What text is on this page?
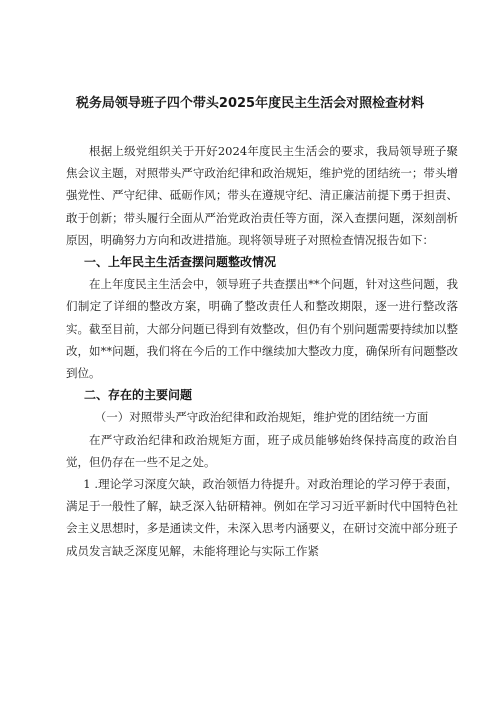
税务局领导班子四个带头2025年度民主生活会对照检查材料

根据上级党组织关于开好2024年度民主生活会的要求，我局领导班子聚焦会议主题，对照带头严守政治纪律和政治规矩，维护党的团结统一；带头增强党性、严守纪律、砥砺作风；带头在遵规守纪、清正廉洁前提下勇于担责、敢于创新；带头履行全面从严治党政治责任等方面，深入查摆问题，深刻剖析原因，明确努力方向和改进措施。现将领导班子对照检查情况报告如下：

一、上年民主生活查摆问题整改情况

在上年度民主生活会中，领导班子共查摆出**个问题，针对这些问题，我们制定了详细的整改方案，明确了整改责任人和整改期限，逐一进行整改落实。截至目前，大部分问题已得到有效整改，但仍有个别问题需要持续加以整改，如**问题，我们将在今后的工作中继续加大整改力度，确保所有问题整改到位。

二、存在的主要问题

（一）对照带头严守政治纪律和政治规矩，维护党的团结统一方面

在严守政治纪律和政治规矩方面，班子成员能够始终保持高度的政治自觉，但仍存在一些不足之处。

1 .理论学习深度欠缺，政治领悟力待提升。对政治理论的学习停于表面，满足于一般性了解，缺乏深入钻研精神。例如在学习习近平新时代中国特色社会主义思想时，多是通读文件，未深入思考内涵要义，在研讨交流中部分班子成员发言缺乏深度见解，未能将理论与实际工作紧
